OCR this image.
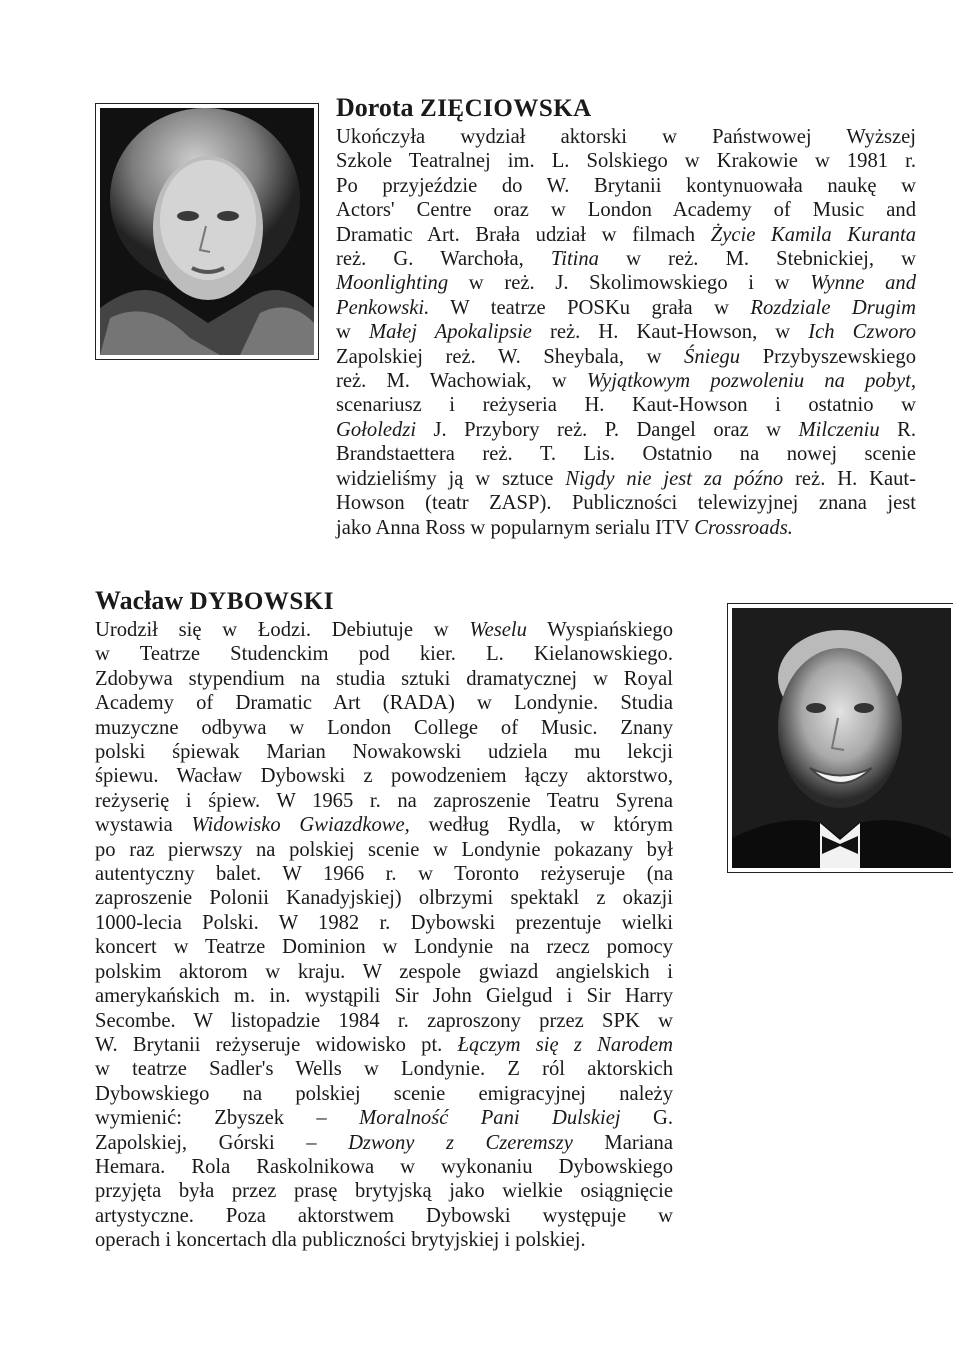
Dorota ZIĘCIOWSKA

Ukończyła wydział aktorski w Państwowej Wyższej
Szkole Teatralnej im. L. Solskiego w Krakowie w 1981 r.
Po przyjeździe do W. Brytanii kontynuowała naukę w
Actors' Centre oraz w London Academy of Music and
Dramatic Art. Brała udział w filmach Życie Kamila Kuranta
reż. G. Warchoła, Titina w reż. M. Stebnickiej, w
Moonlighting w reż. J. Skolimowskiego i w Wynne and
Penkowski. W teatrze POSKu grała w Rozdziale Drugim
w Małej Apokalipsie reż. H. Kaut-Howson, w Ich Czworo
Zapolskiej reż. W. Sheybala, w Śniegu Przybyszewskiego
reż. M. Wachowiak, w Wyjątkowym pozwoleniu na pobyt,
scenariusz i reżyseria H. Kaut-Howson i ostatnio w
Gołoledzi J. Przybory reż. P. Dangel oraz w Milczeniu R.
Brandstaettera reż. T. Lis. Ostatnio na nowej scenie
widzieliśmy ją w sztuce Nigdy nie jest za późno reż. H. Kaut-
Howson (teatr ZASP). Publiczności telewizyjnej znana jest
jako Anna Ross w popularnym serialu ITV Crossroads.

Wacław DYBOWSKI

Urodził się w Łodzi. Debiutuje w Weselu Wyspiańskiego
w Teatrze Studenckim pod kier. L. Kielanowskiego.
Zdobywa stypendium na studia sztuki dramatycznej w Royal
Academy of Dramatic Art (RADA) w Londynie. Studia
muzyczne odbywa w London College of Music. Znany
polski śpiewak Marian Nowakowski udziela mu lekcji
śpiewu. Wacław Dybowski z powodzeniem łączy aktorstwo,
reżyserię i śpiew. W 1965 r. na zaproszenie Teatru Syrena
wystawia Widowisko Gwiazdkowe, według Rydla, w którym
po raz pierwszy na polskiej scenie w Londynie pokazany był
autentyczny balet. W 1966 r. w Toronto reżyseruje (na
zaproszenie Polonii Kanadyjskiej) olbrzymi spektakl z okazji
1000-lecia Polski. W 1982 r. Dybowski prezentuje wielki
koncert w Teatrze Dominion w Londynie na rzecz pomocy
polskim aktorom w kraju. W zespole gwiazd angielskich i
amerykańskich m. in. wystąpili Sir John Gielgud i Sir Harry
Secombe. W listopadzie 1984 r. zaproszony przez SPK w
W. Brytanii reżyseruje widowisko pt. Łączym się z Narodem
w teatrze Sadler's Wells w Londynie. Z ról aktorskich
Dybowskiego na polskiej scenie emigracyjnej należy
wymienić: Zbyszek – Moralność Pani Dulskiej G.
Zapolskiej, Górski – Dzwony z Czeremszy Mariana
Hemara. Rola Raskolnikowa w wykonaniu Dybowskiego
przyjęta była przez prasę brytyjską jako wielkie osiągnięcie
artystyczne. Poza aktorstwem Dybowski występuje w
operach i koncertach dla publiczności brytyjskiej i polskiej.
